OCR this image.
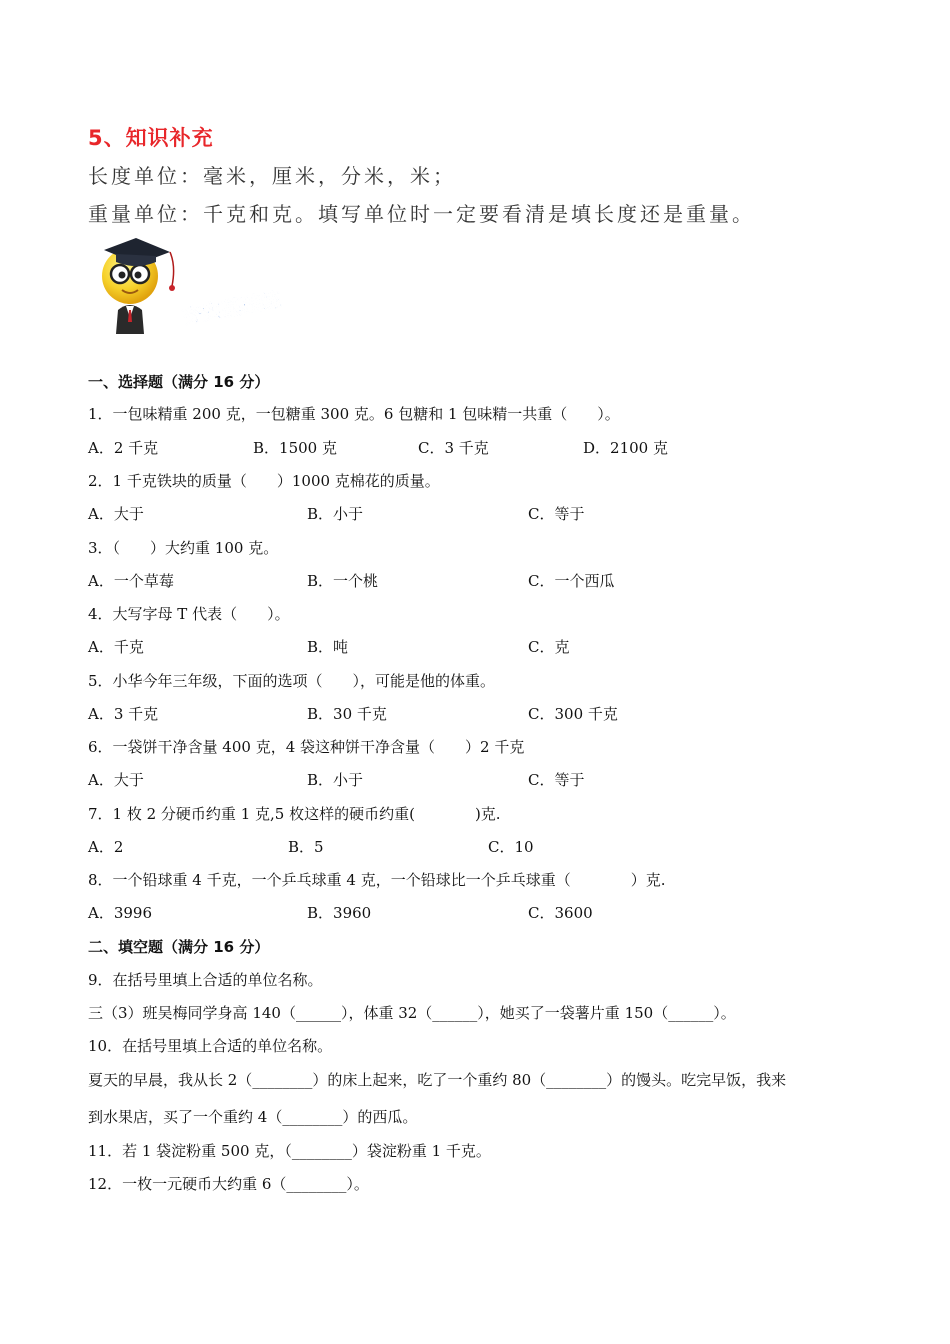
5、知识补充
长度单位：毫米，厘米，分米，米；
重量单位：千克和克。填写单位时一定要看清是填长度还是重量。
夯实基础练
一、选择题（满分 16 分）
1．一包味精重 200 克，一包糖重 300 克。6 包糖和 1 包味精一共重（　　）。
A．2 千克	B．1500 克	C．3 千克	D．2100 克
2．1 千克铁块的质量（　　）1000 克棉花的质量。
A．大于	B．小于	C．等于
3．（　　）大约重 100 克。
A．一个草莓	B．一个桃	C．一个西瓜
4．大写字母 T 代表（　　）。
A．千克	B．吨	C．克
5．小华今年三年级，下面的选项（　　），可能是他的体重。
A．3 千克	B．30 千克	C．300 千克
6．一袋饼干净含量 400 克，4 袋这种饼干净含量（　　）2 千克
A．大于	B．小于	C．等于
7．1 枚 2 分硬币约重 1 克,5 枚这样的硬币约重(　　　　)克.
A．2	B．5	C．10
8．一个铅球重 4 千克，一个乒乓球重 4 克，一个铅球比一个乒乓球重（　　　　）克.
A．3996	B．3960	C．3600
二、填空题（满分 16 分）
9．在括号里填上合适的单位名称。
三（3）班吴梅同学身高 140（______），体重 32（______），她买了一袋薯片重 150（______）。
10．在括号里填上合适的单位名称。
夏天的早晨，我从长 2（________）的床上起来，吃了一个重约 80（________）的馒头。吃完早饭，我来
到水果店，买了一个重约 4（________）的西瓜。
11．若 1 袋淀粉重 500 克，（________）袋淀粉重 1 千克。
12．一枚一元硬币大约重 6（________）。
